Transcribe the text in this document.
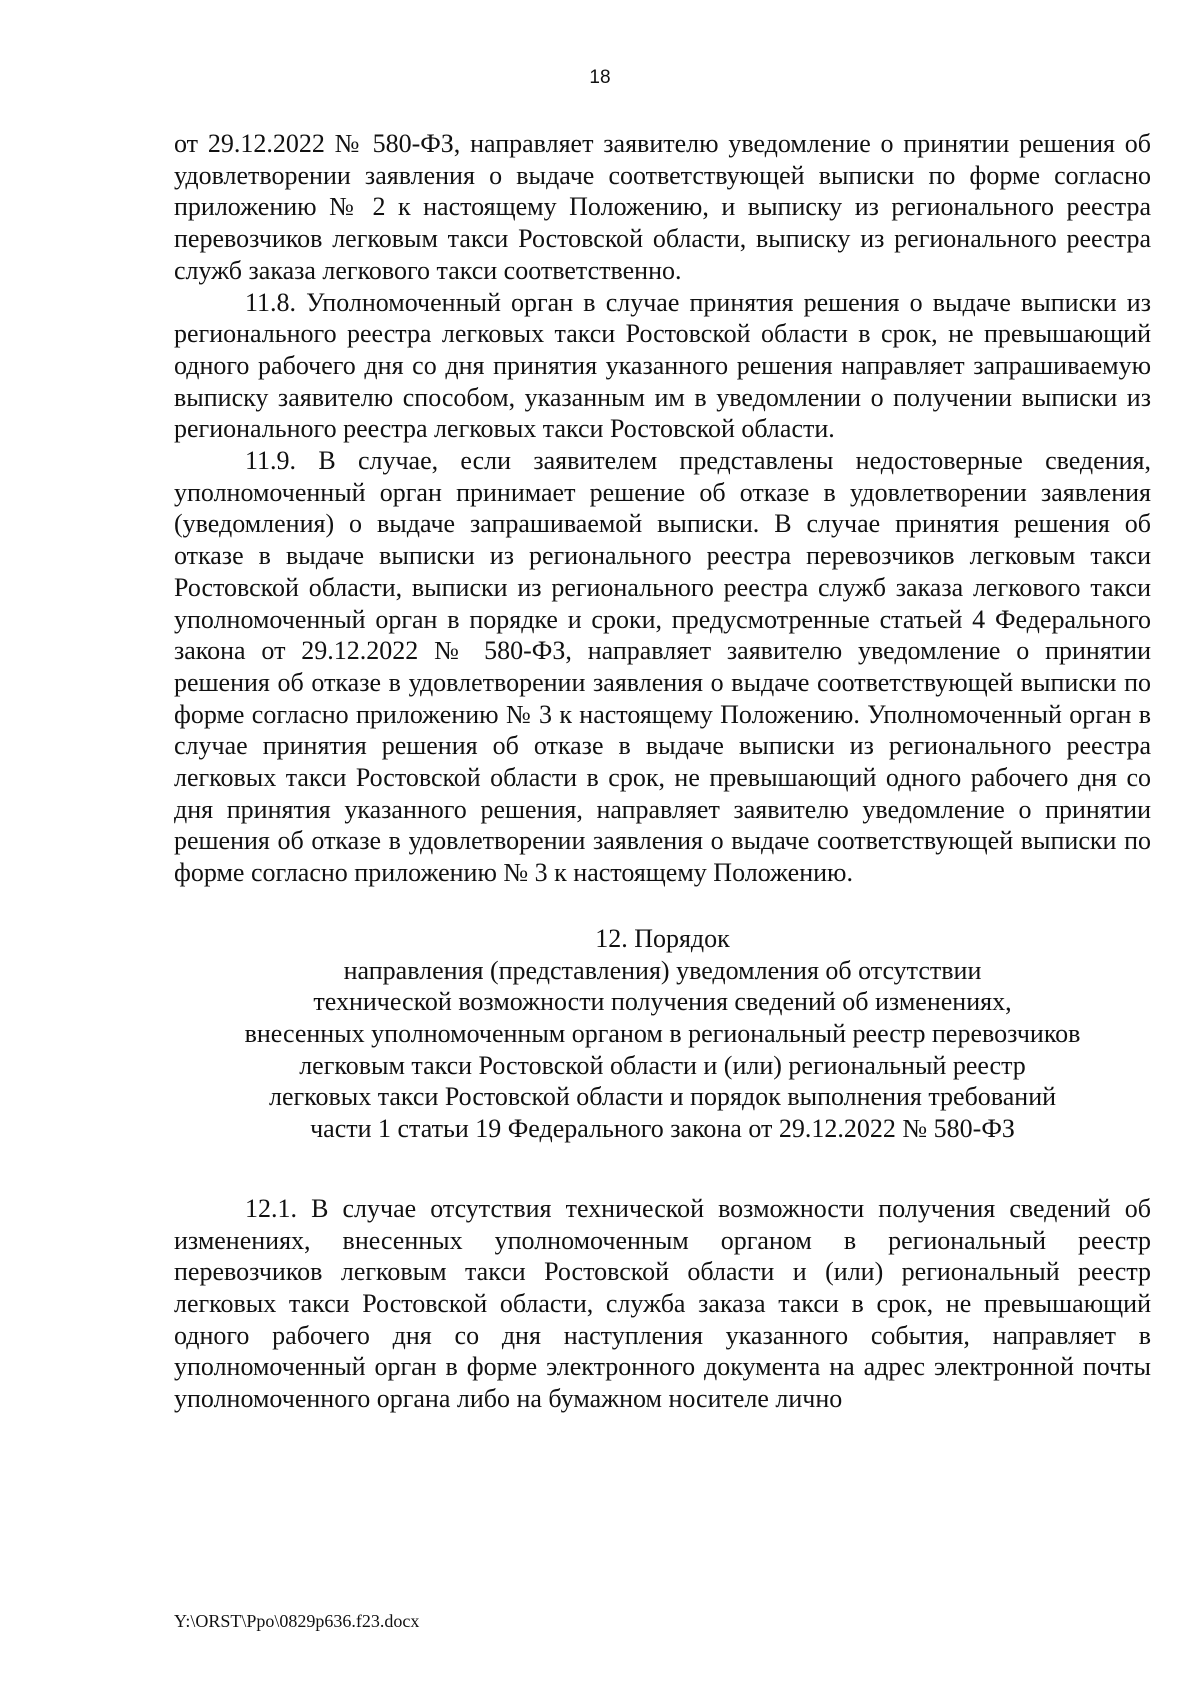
18

от 29.12.2022 № 580-ФЗ, направляет заявителю уведомление о принятии решения об удовлетворении заявления о выдаче соответствующей выписки по форме согласно приложению № 2 к настоящему Положению, и выписку из регионального реестра перевозчиков легковым такси Ростовской области, выписку из регионального реестра служб заказа легкового такси соответственно.

11.8. Уполномоченный орган в случае принятия решения о выдаче выписки из регионального реестра легковых такси Ростовской области в срок, не превышающий одного рабочего дня со дня принятия указанного решения направляет запрашиваемую выписку заявителю способом, указанным им в уведомлении о получении выписки из регионального реестра легковых такси Ростовской области.

11.9. В случае, если заявителем представлены недостоверные сведения, уполномоченный орган принимает решение об отказе в удовлетворении заявления (уведомления) о выдаче запрашиваемой выписки. В случае принятия решения об отказе в выдаче выписки из регионального реестра перевозчиков легковым такси Ростовской области, выписки из регионального реестра служб заказа легкового такси уполномоченный орган в порядке и сроки, предусмотренные статьей 4 Федерального закона от 29.12.2022 № 580-ФЗ, направляет заявителю уведомление о принятии решения об отказе в удовлетворении заявления о выдаче соответствующей выписки по форме согласно приложению № 3 к настоящему Положению. Уполномоченный орган в случае принятия решения об отказе в выдаче выписки из регионального реестра легковых такси Ростовской области в срок, не превышающий одного рабочего дня со дня принятия указанного решения, направляет заявителю уведомление о принятии решения об отказе в удовлетворении заявления о выдаче соответствующей выписки по форме согласно приложению № 3 к настоящему Положению.

12. Порядок
направления (представления) уведомления об отсутствии
технической возможности получения сведений об изменениях,
внесенных уполномоченным органом в региональный реестр перевозчиков
легковым такси Ростовской области и (или) региональный реестр
легковых такси Ростовской области и порядок выполнения требований
части 1 статьи 19 Федерального закона от 29.12.2022 № 580-ФЗ

12.1. В случае отсутствия технической возможности получения сведений об изменениях, внесенных уполномоченным органом в региональный реестр перевозчиков легковым такси Ростовской области и (или) региональный реестр легковых такси Ростовской области, служба заказа такси в срок, не превышающий одного рабочего дня со дня наступления указанного события, направляет в уполномоченный орган в форме электронного документа на адрес электронной почты уполномоченного органа либо на бумажном носителе лично

Y:\ORST\Ppo\0829p636.f23.docx
